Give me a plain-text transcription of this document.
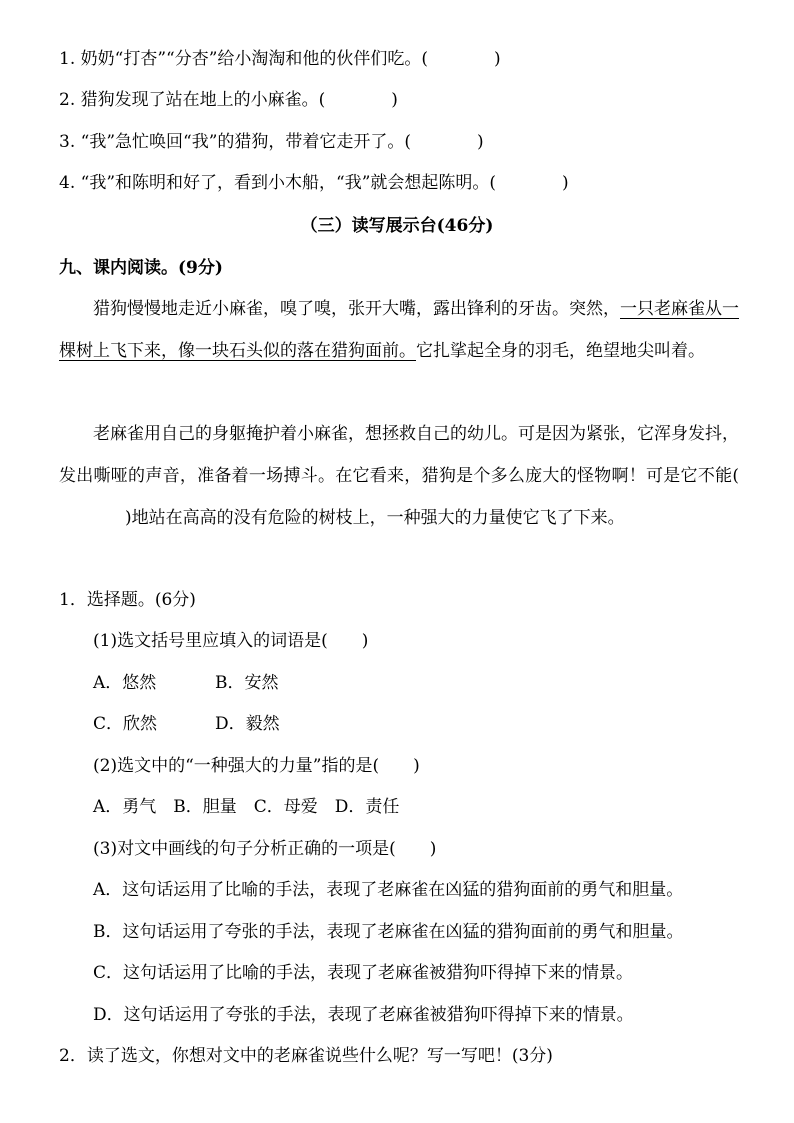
1. 奶奶“打杏”“分杏”给小淘淘和他的伙伴们吃。(	)
2. 猎狗发现了站在地上的小麻雀。(	)
3. “我”急忙唤回“我”的猎狗，带着它走开了。(	)
4. “我”和陈明和好了，看到小木船，“我”就会想起陈明。(	)
（三）读写展示台(46分)
九、课内阅读。(9分)
猎狗慢慢地走近小麻雀，嗅了嗅，张开大嘴，露出锋利的牙齿。突然，一只老麻雀从一棵树上飞下来，像一块石头似的落在猎狗面前。它扎挲起全身的羽毛，绝望地尖叫着。
老麻雀用自己的身躯掩护着小麻雀，想拯救自己的幼儿。可是因为紧张，它浑身发抖，发出嘶哑的声音，准备着一场搏斗。在它看来，猎狗是个多么庞大的怪物啊！可是它不能()地站在高高的没有危险的树枝上，一种强大的力量使它飞了下来。
1．选择题。(6分)
(1)选文括号里应填入的词语是(　　)
A．悠然	B．安然
C．欣然	D．毅然
(2)选文中的“一种强大的力量”指的是(　　)
A．勇气　B．胆量　C．母爱　D．责任
(3)对文中画线的句子分析正确的一项是(　　)
A．这句话运用了比喻的手法，表现了老麻雀在凶猛的猎狗面前的勇气和胆量。
B．这句话运用了夸张的手法，表现了老麻雀在凶猛的猎狗面前的勇气和胆量。
C．这句话运用了比喻的手法，表现了老麻雀被猎狗吓得掉下来的情景。
D．这句话运用了夸张的手法，表现了老麻雀被猎狗吓得掉下来的情景。
2．读了选文，你想对文中的老麻雀说些什么呢？写一写吧！(3分)
